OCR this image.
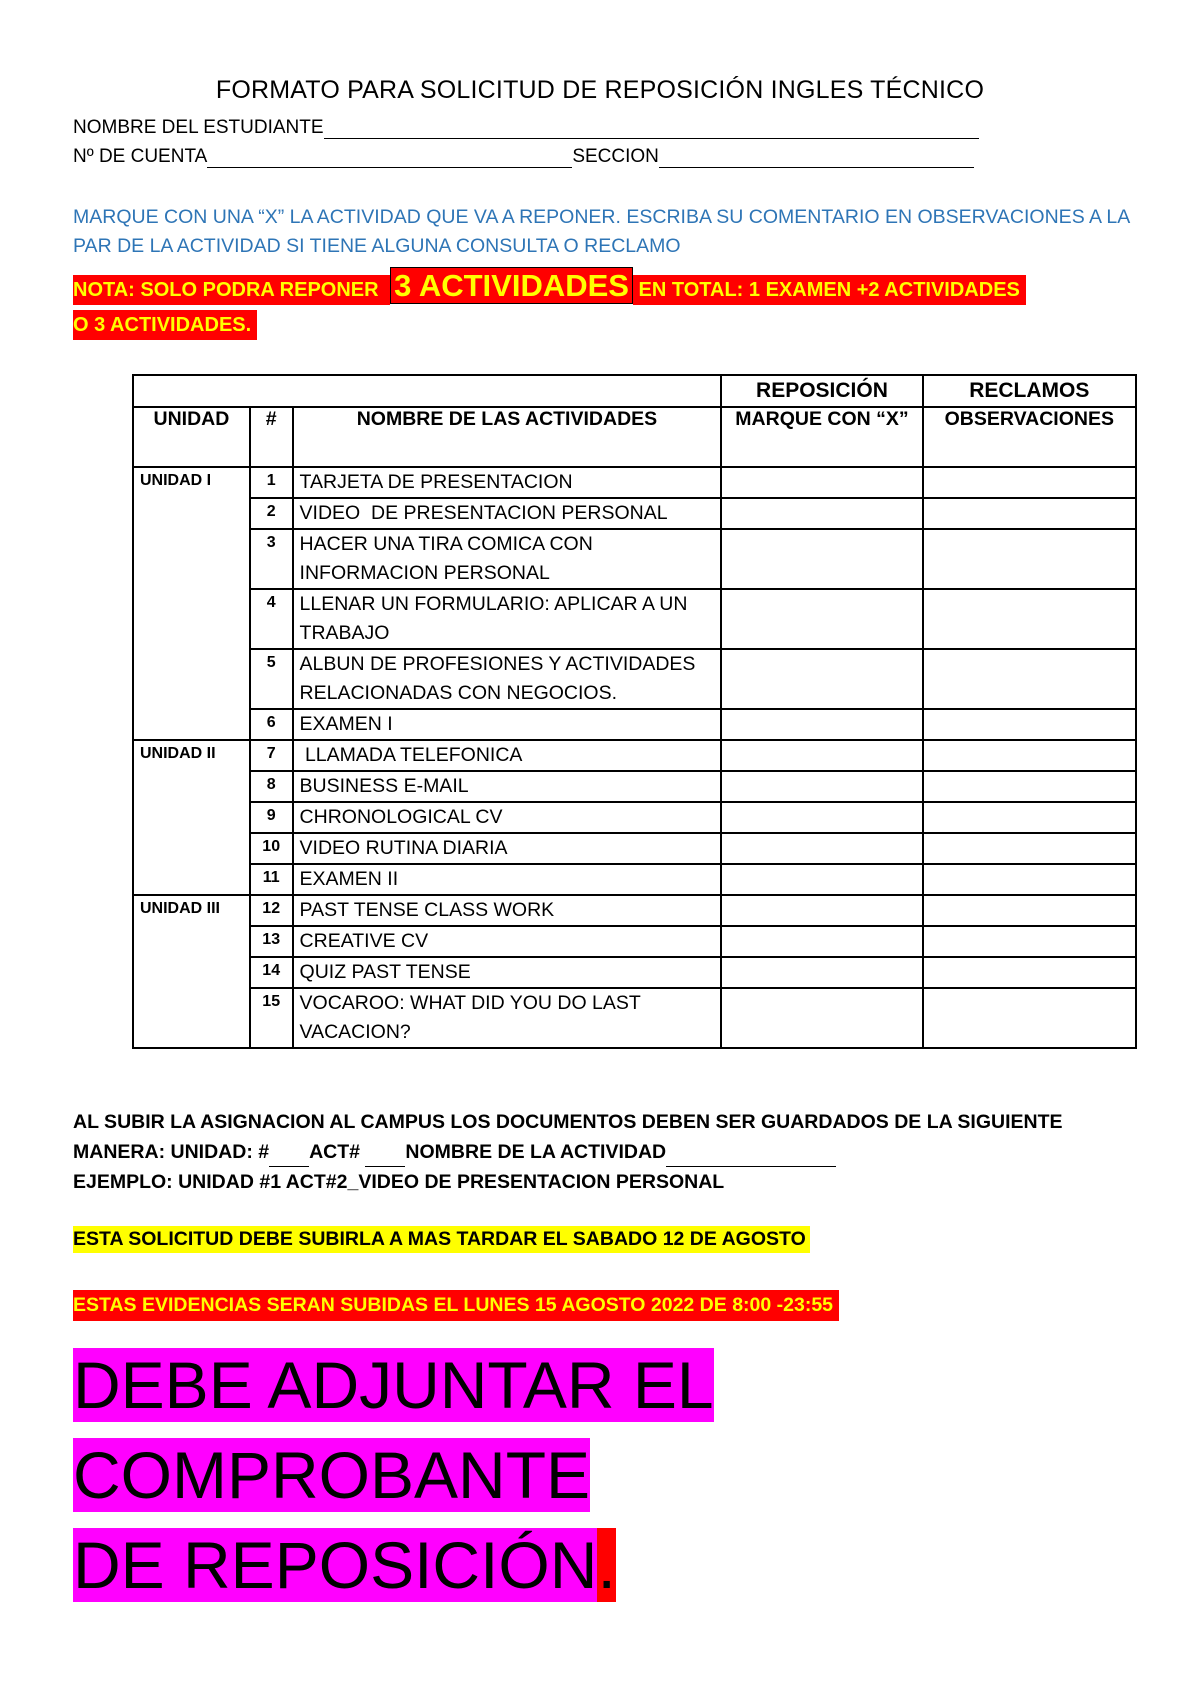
FORMATO PARA SOLICITUD DE REPOSICIÓN INGLES TÉCNICO
NOMBRE DEL ESTUDIANTE
Nº DE CUENTA	SECCION
MARQUE CON UNA “X” LA ACTIVIDAD QUE VA A REPONER. ESCRIBA SU COMENTARIO EN OBSERVACIONES A LA PAR DE LA ACTIVIDAD SI TIENE ALGUNA CONSULTA O RECLAMO
NOTA: SOLO PODRA REPONER 3 ACTIVIDADES EN TOTAL: 1 EXAMEN +2 ACTIVIDADES
O 3 ACTIVIDADES.
			REPOSICIÓN	RECLAMOS
UNIDAD	#	NOMBRE DE LAS ACTIVIDADES	MARQUE CON “X”	OBSERVACIONES
UNIDAD I	1	TARJETA DE PRESENTACION		
	2	VIDEO  DE PRESENTACION PERSONAL		
	3	HACER UNA TIRA COMICA CON INFORMACION PERSONAL		
	4	LLENAR UN FORMULARIO: APLICAR A UN TRABAJO		
	5	ALBUN DE PROFESIONES Y ACTIVIDADES RELACIONADAS CON NEGOCIOS.		
	6	EXAMEN I		
UNIDAD II	7	LLAMADA TELEFONICA		
	8	BUSINESS E-MAIL		
	9	CHRONOLOGICAL CV		
	10	VIDEO RUTINA DIARIA		
	11	EXAMEN II		
UNIDAD III	12	PAST TENSE CLASS WORK		
	13	CREATIVE CV		
	14	QUIZ PAST TENSE		
	15	VOCAROO: WHAT DID YOU DO LAST VACACION?		
AL SUBIR LA ASIGNACION AL CAMPUS LOS DOCUMENTOS DEBEN SER GUARDADOS DE LA SIGUIENTE
MANERA: UNIDAD: # ACT# NOMBRE DE LA ACTIVIDAD
EJEMPLO: UNIDAD #1 ACT#2_VIDEO DE PRESENTACION PERSONAL
ESTA SOLICITUD DEBE SUBIRLA A MAS TARDAR EL SABADO 12 DE AGOSTO
ESTAS EVIDENCIAS SERAN SUBIDAS EL LUNES 15 AGOSTO 2022 DE 8:00 -23:55
DEBE ADJUNTAR EL COMPROBANTE
DE REPOSICIÓN.
